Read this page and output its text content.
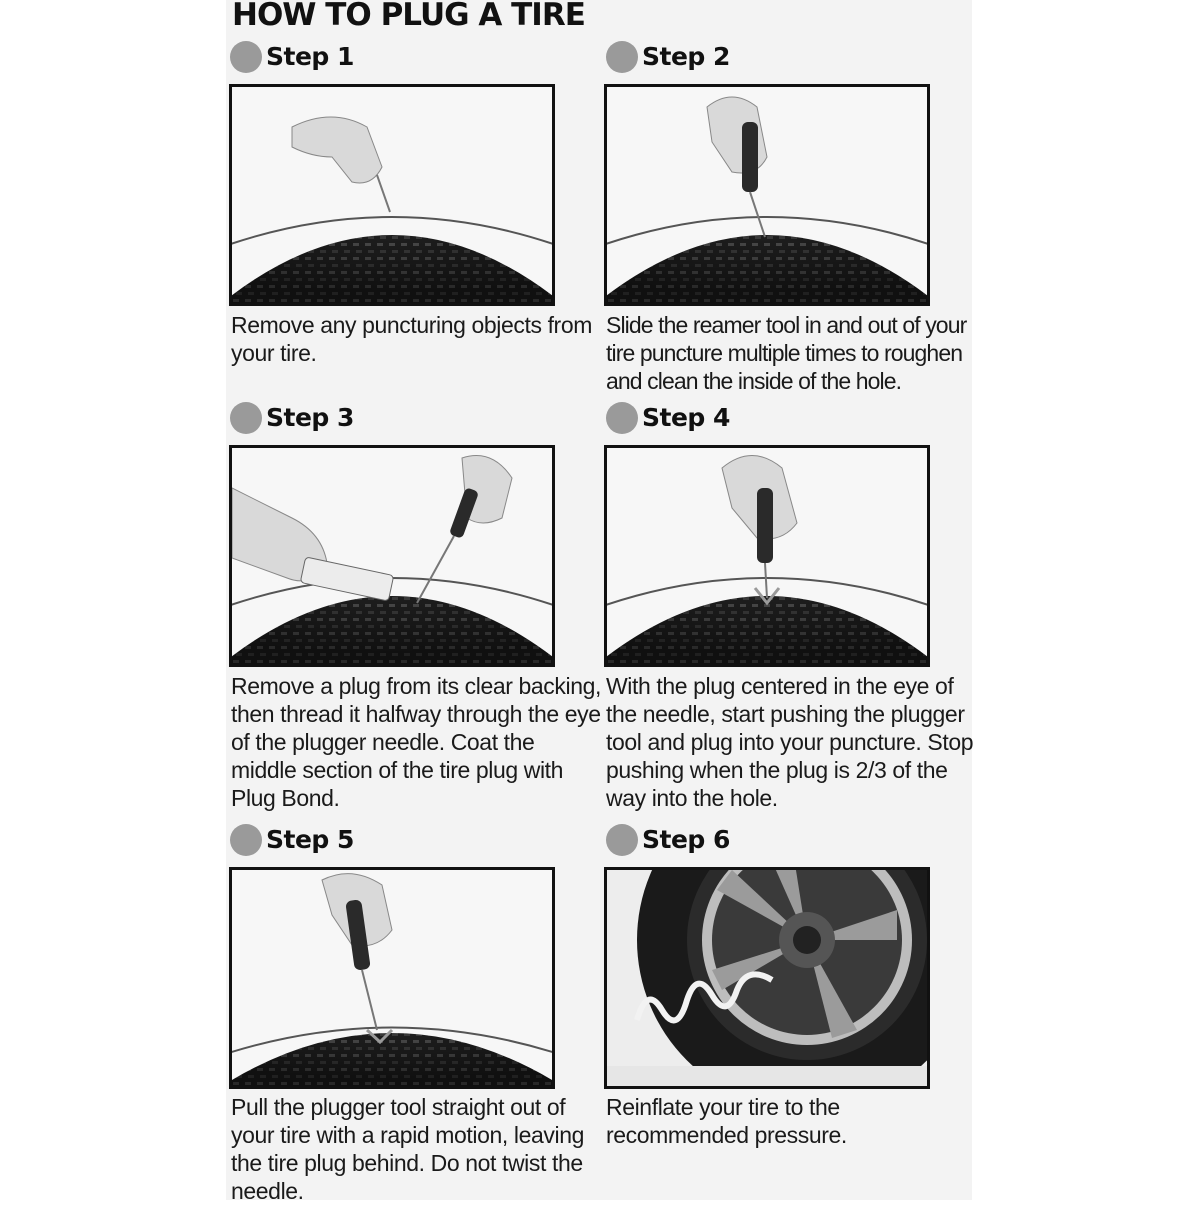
HOW TO PLUG A TIRE
Step 1
Remove any puncturing objects from your tire.
Step 2
Slide the reamer tool in and out of your tire puncture multiple times to roughen and clean the inside of the hole.
Step 3
Remove a plug from its clear backing, then thread it halfway through the eye of the plugger needle. Coat the middle section of the tire plug with Plug Bond.
Step 4
With the plug centered in the eye of the needle, start pushing the plugger tool and plug into your puncture. Stop pushing when the plug is 2/3 of the way into the hole.
Step 5
Pull the plugger tool straight out of your tire with a rapid motion, leaving the tire plug behind. Do not twist the needle.
Step 6
Reinflate your tire to the recommended pressure.
